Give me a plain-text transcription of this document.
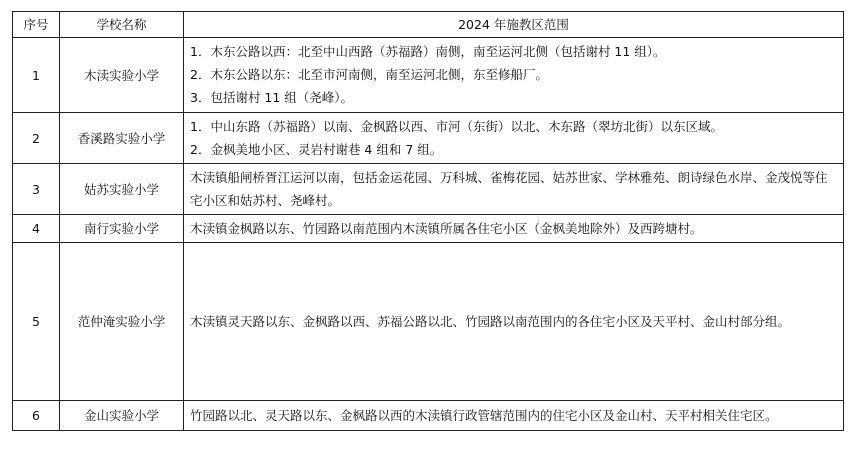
序号	学校名称	2024 年施教区范围
1	木渎实验小学	1．木东公路以西：北至中山西路（苏福路）南侧，南至运河北侧（包括谢村 11 组）。
2．木东公路以东：北至市河南侧，南至运河北侧，东至修船厂。
3．包括谢村 11 组（尧峰）。

2	香溪路实验小学	1．中山东路（苏福路）以南、金枫路以西、市河（东街）以北、木东路（翠坊北街）以东区域。
2．金枫美地小区、灵岩村谢巷 4 组和 7 组。

3	姑苏实验小学	木渎镇船闸桥胥江运河以南，包括金运花园、万科城、雀梅花园、姑苏世家、学林雅苑、朗诗绿色水岸、金茂悦等住宅小区和姑苏村、尧峰村。

4	南行实验小学	木渎镇金枫路以东、竹园路以南范围内木渎镇所属各住宅小区（金枫美地除外）及西跨塘村。

5	范仲淹实验小学	木渎镇灵天路以东、金枫路以西、苏福公路以北、竹园路以南范围内的各住宅小区及天平村、金山村部分组。

6	金山实验小学	竹园路以北、灵天路以东、金枫路以西的木渎镇行政管辖范围内的住宅小区及金山村、天平村相关住宅区。
